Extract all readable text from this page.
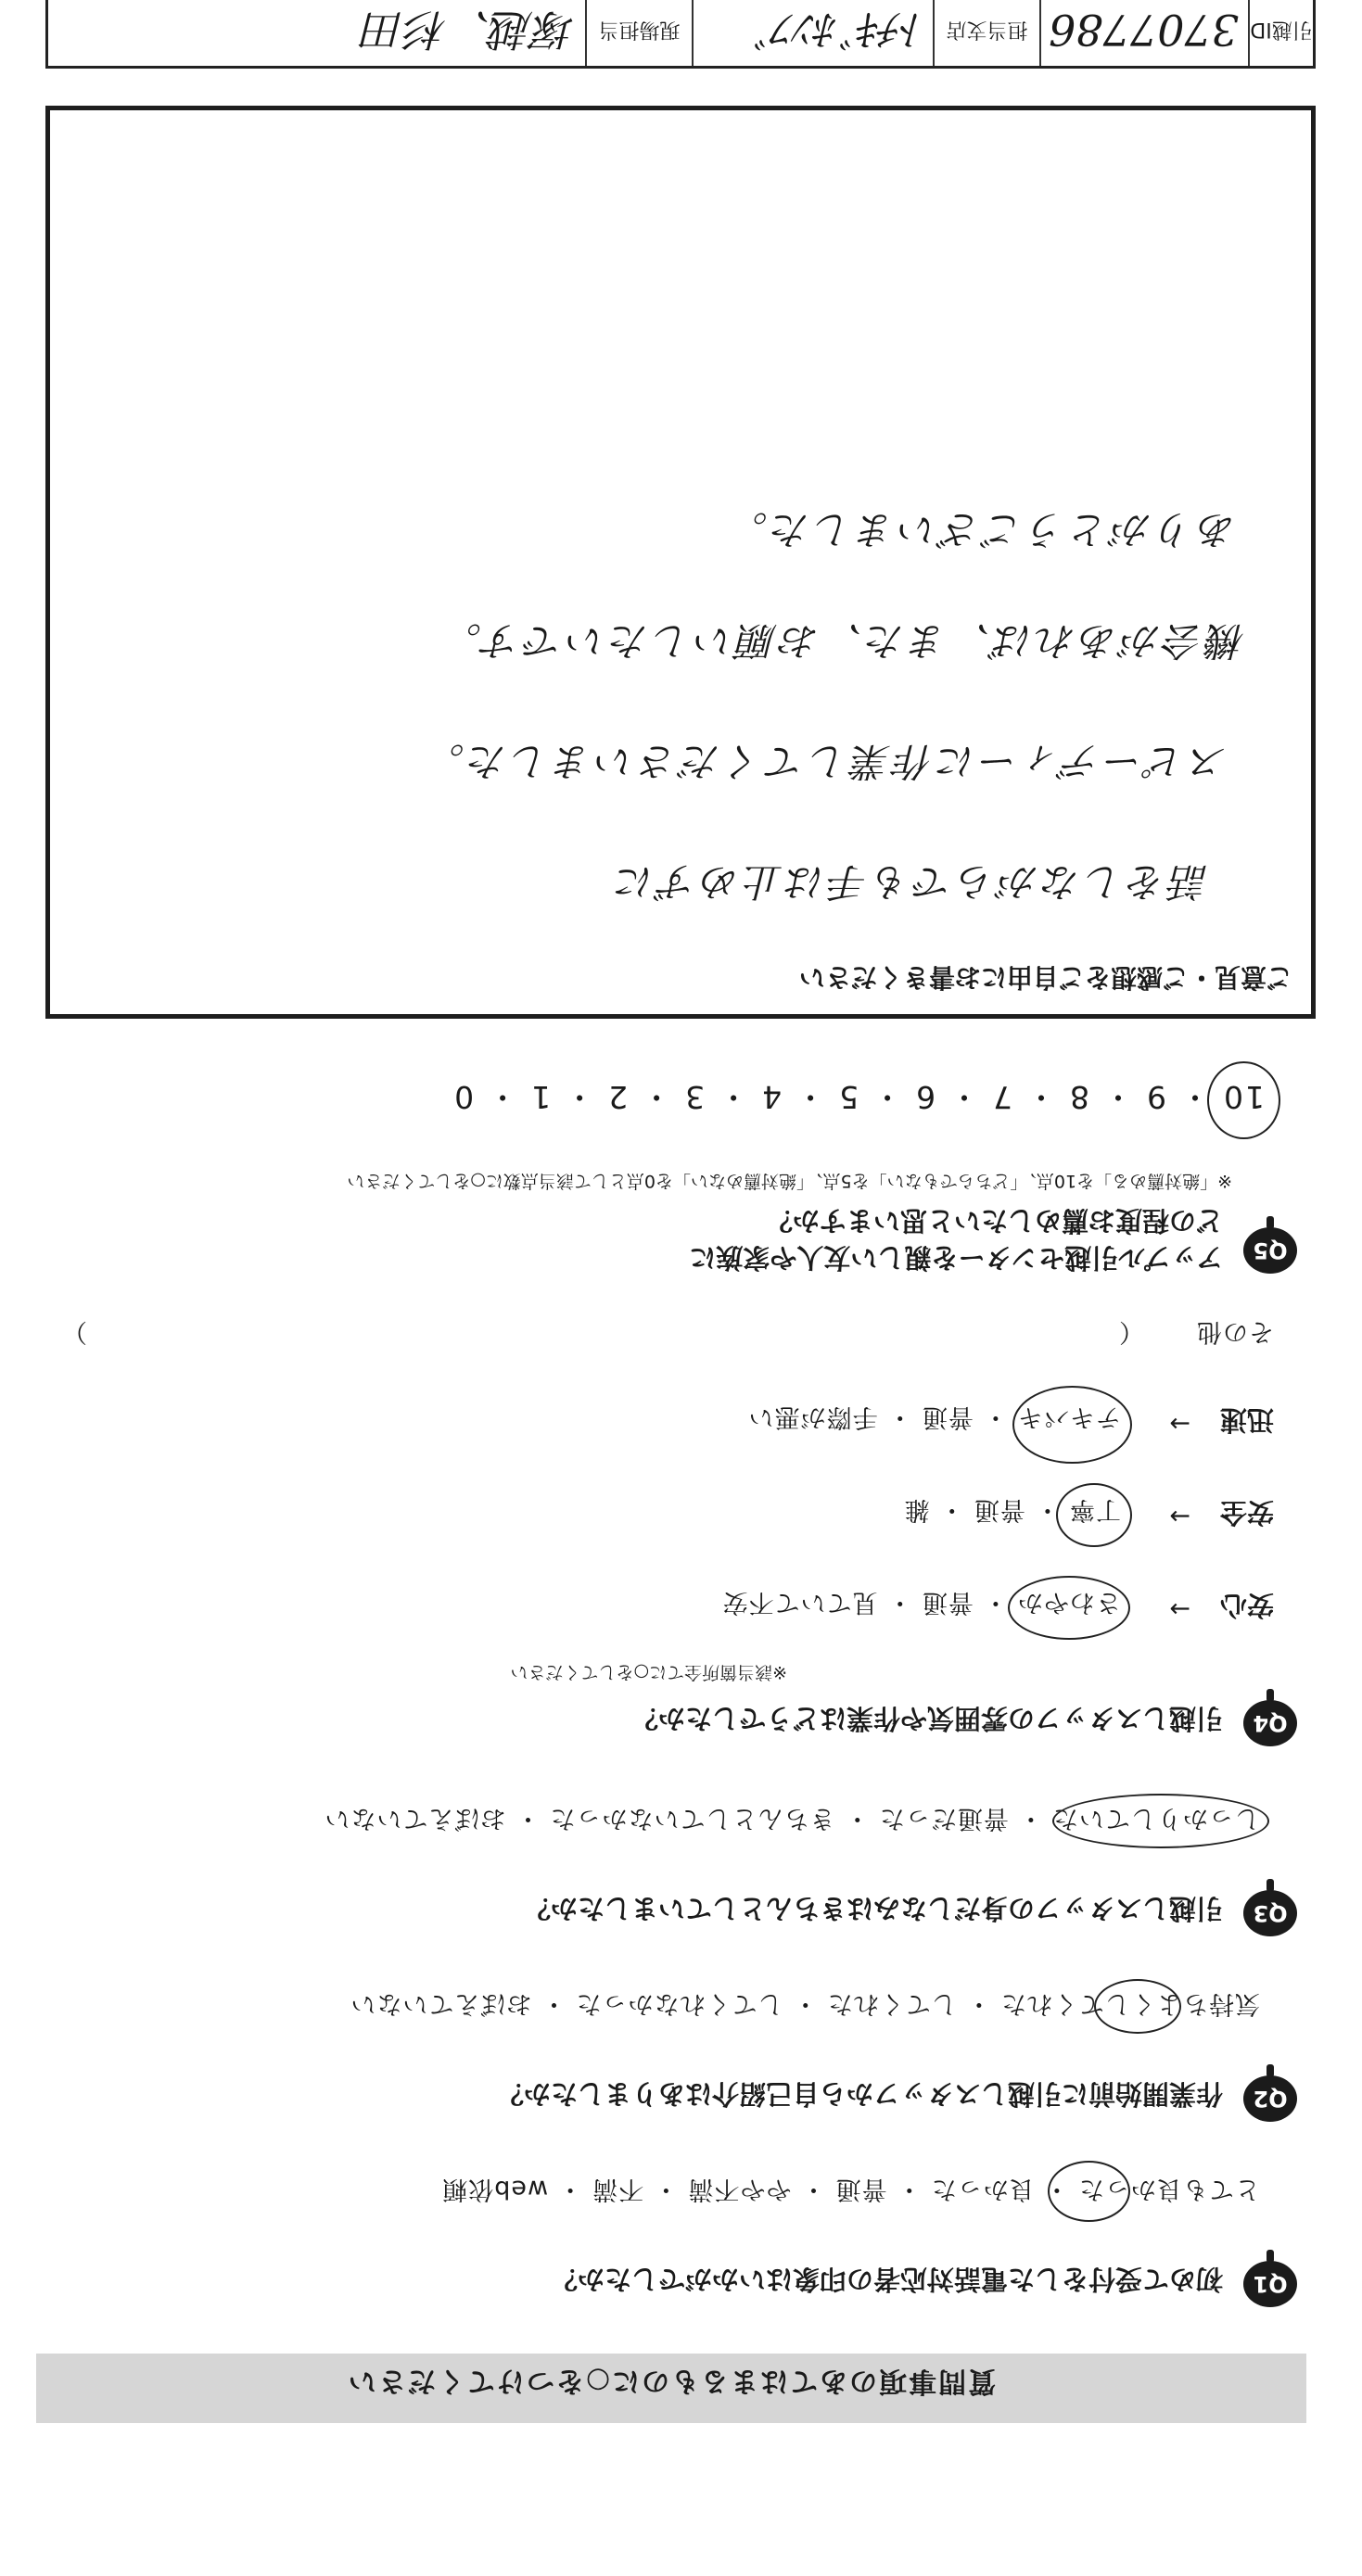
質問事項のあてはまるものに○をつけてください
Q1
初めて受付をした電話対応者の印象はいかがでしたか？
とても良かった ・ 良かった ・ 普通 ・ やや不満 ・ 不満 ・ web依頼
Q2
作業開始前に引越しスタッフから自己紹介はありましたか？
気持ちよくしてくれた ・ してくれた ・ してくれなかった ・ おぼえていない
Q3
引越しスタッフの身だしなみはきちんとしていましたか？
しっかりしていた ・ 普通だった ・ きちんとしていなかった ・ おぼえていない
Q4
引越しスタッフの雰囲気や作業はどうでしたか？
※該当箇所全てに○をしてください
安心
→
さわやか ・ 普通 ・ 見ていて不安
安全
→
丁寧 ・ 普通 ・ 雑
迅速
→
テキパキ ・ 普通 ・ 手際が悪い
その他
（
）
Q5
アップル引越センターを親しい友人や家族に
どの程度お薦めしたいと思いますか？
※「絶対薦める」を10点、「どちらでもない」を5点、「絶対薦めない」を0点として該当点数に○をしてください
10 ・ 9 ・ 8 ・ 7 ・ 6 ・ 5 ・ 4 ・ 3 ・ 2 ・ 1 ・ 0
ご意見・ご感想をご自由にお書きください
話をしながらでも手は止めずに
スピーディーに作業してくださいました。
機会があれば、また、お願いしたいです。
ありがとうございました。
引越ID
3707786
担当支店
ﾄﾁｷﾞﾎﾝﾌﾞ
現場担当
塚越、杉田
